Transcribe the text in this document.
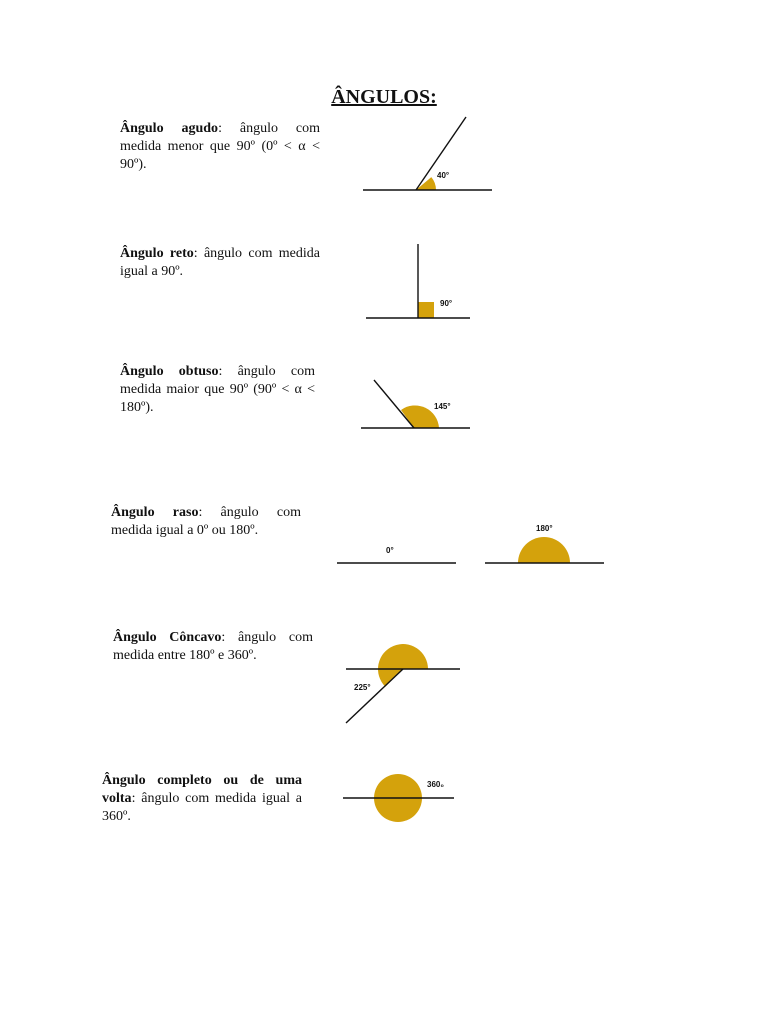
ÂNGULOS:
Ângulo agudo: ângulo com medida menor que 90º (0º < α < 90º).
Ângulo reto: ângulo com medida igual a 90º.
Ângulo obtuso: ângulo com medida maior que 90º (90º < α < 180º).
Ângulo raso: ângulo com medida igual a 0º ou 180º.
Ângulo Côncavo: ângulo com medida entre 180º e 360º.
Ângulo completo ou de uma volta: ângulo com medida igual a 360º.
40°
90°
145°
0°
180°
225°
360₀
